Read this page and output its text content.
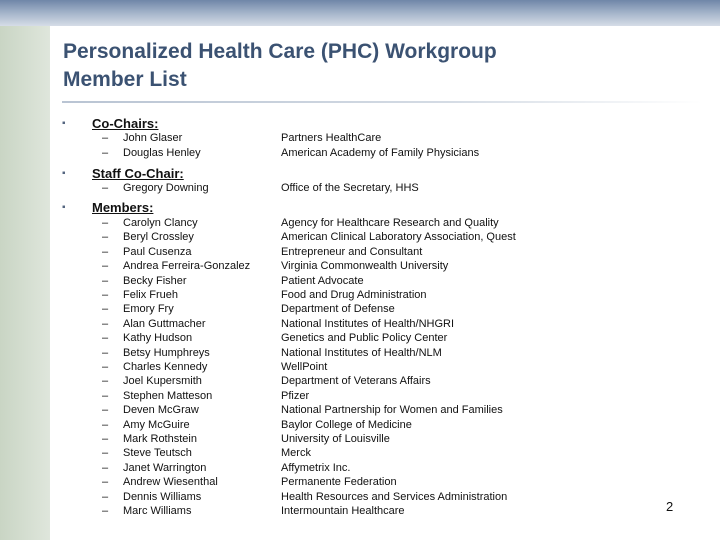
Personalized Health Care (PHC) Workgroup
Member List
▪ Co-Chairs:
– John Glaser	Partners HealthCare
– Douglas Henley	American Academy of Family Physicians
▪ Staff Co-Chair:
– Gregory Downing	Office of the Secretary, HHS
▪ Members:
– Carolyn Clancy	Agency for Healthcare Research and Quality
– Beryl Crossley	American Clinical Laboratory Association, Quest
– Paul Cusenza	Entrepreneur and Consultant
– Andrea Ferreira-Gonzalez	Virginia Commonwealth University
– Becky Fisher	Patient Advocate
– Felix Frueh	Food and Drug Administration
– Emory Fry	Department of Defense
– Alan Guttmacher	National Institutes of Health/NHGRI
– Kathy Hudson	Genetics and Public Policy Center
– Betsy Humphreys	National Institutes of Health/NLM
– Charles Kennedy	WellPoint
– Joel Kupersmith	Department of Veterans Affairs
– Stephen Matteson	Pfizer
– Deven McGraw	National Partnership for Women and Families
– Amy McGuire	Baylor College of Medicine
– Mark Rothstein	University of Louisville
– Steve Teutsch	Merck
– Janet Warrington	Affymetrix Inc.
– Andrew Wiesenthal	Permanente Federation
– Dennis Williams	Health Resources and Services Administration
– Marc Williams	Intermountain Healthcare	2
